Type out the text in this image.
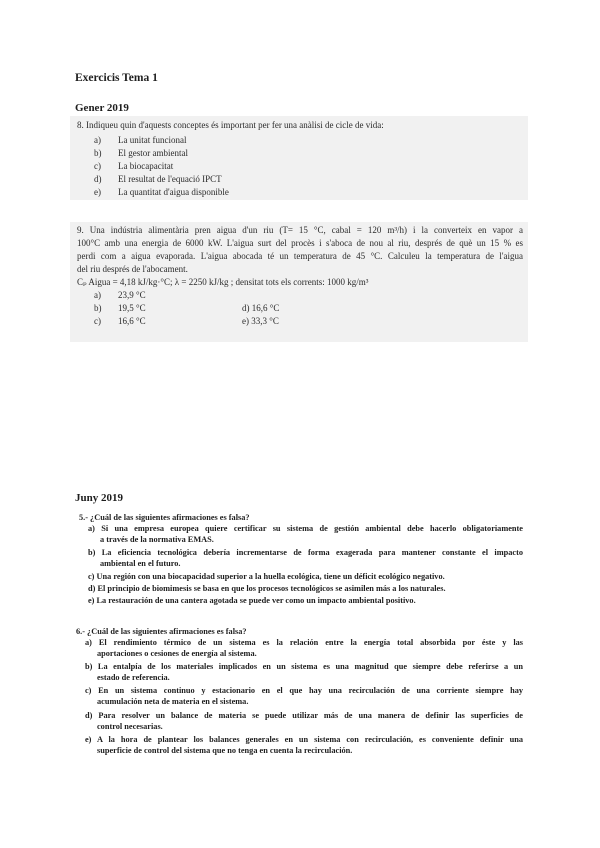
Exercicis Tema 1
Gener 2019
8. Indiqueu quin d'aquests conceptes és important per fer una anàlisi de cicle de vida:
a) La unitat funcional
b) El gestor ambiental
c) La biocapacitat
d) El resultat de l'equació IPCT
e) La quantitat d'aigua disponible
9. Una indústria alimentària pren aigua d'un riu (T= 15 °C, cabal = 120 m³/h) i la converteix en vapor a
100°C amb una energia de 6000 kW. L'aigua surt del procès i s'aboca de nou al riu, després de què un 15 % es
perdi com a aigua evaporada. L'aigua abocada té un temperatura de 45 °C. Calculeu la temperatura de l'aigua
del riu després de l'abocament.
Cₚ Aigua = 4,18 kJ/kg·°C; λ = 2250 kJ/kg ; densitat tots els corrents: 1000 kg/m³
a) 23,9 °C
b) 19,5 °C
c) 16,6 °C
d) 16,6 °C
e) 33,3 °C
Juny 2019
5.- ¿Cuál de las siguientes afirmaciones es falsa?
a) Si una empresa europea quiere certificar su sistema de gestión ambiental debe hacerlo obligatoriamente
a través de la normativa EMAS.
b) La eficiencia tecnológica debería incrementarse de forma exagerada para mantener constante el impacto
ambiental en el futuro.
c) Una región con una biocapacidad superior a la huella ecológica, tiene un déficit ecológico negativo.
d) El principio de biomimesis se basa en que los procesos tecnológicos se asimilen más a los naturales.
e) La restauración de una cantera agotada se puede ver como un impacto ambiental positivo.
6.- ¿Cuál de las siguientes afirmaciones es falsa?
a) El rendimiento térmico de un sistema es la relación entre la energía total absorbida por éste y las
aportaciones o cesiones de energía al sistema.
b) La entalpía de los materiales implicados en un sistema es una magnitud que siempre debe referirse a un
estado de referencia.
c) En un sistema continuo y estacionario en el que hay una recirculación de una corriente siempre hay
acumulación neta de materia en el sistema.
d) Para resolver un balance de materia se puede utilizar más de una manera de definir las superficies de
control necesarias.
e) A la hora de plantear los balances generales en un sistema con recirculación, es conveniente definir una
superficie de control del sistema que no tenga en cuenta la recirculación.
